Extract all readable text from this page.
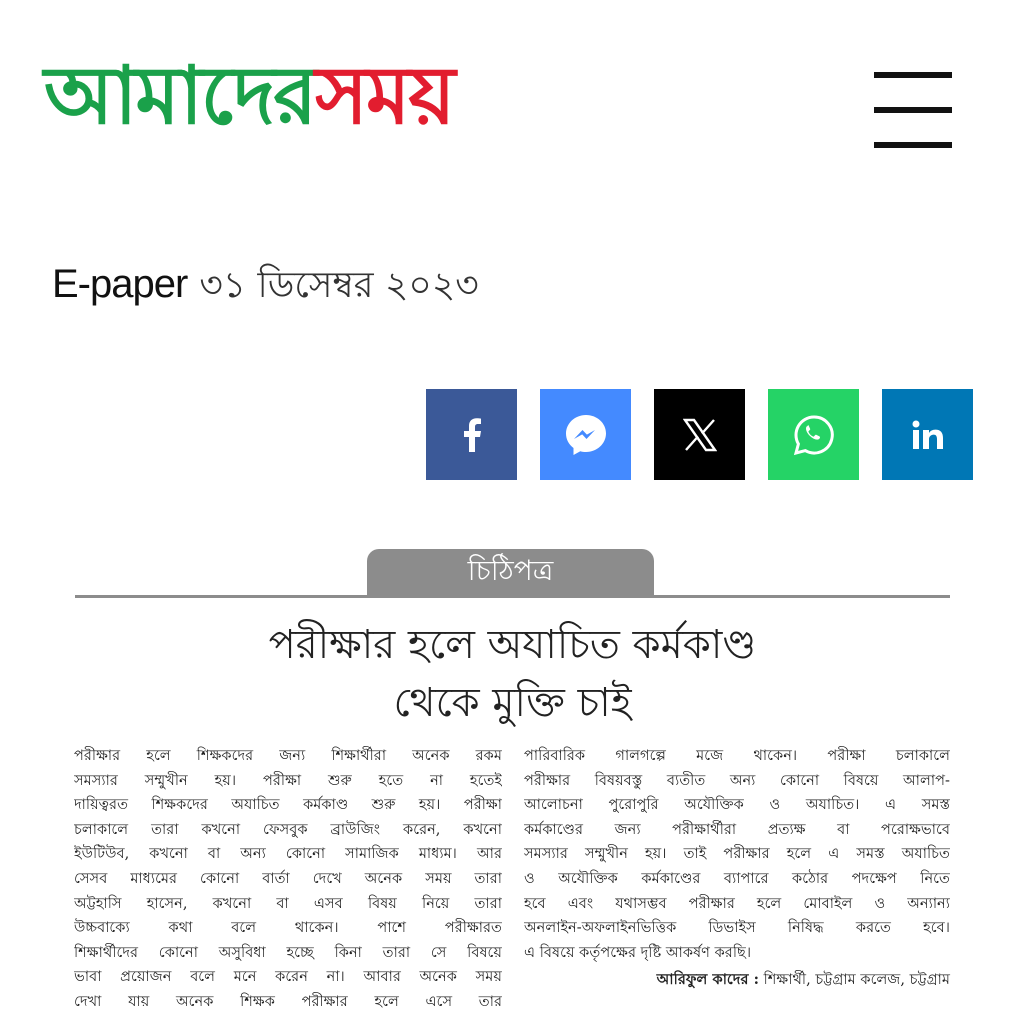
আমাদের সময়
E-paper ৩১ ডিসেম্বর ২০২৩
চিঠিপত্র
পরীক্ষার হলে অযাচিত কর্মকাণ্ড
থেকে মুক্তি চাই
পরীক্ষার হলে শিক্ষকদের জন্য শিক্ষার্থীরা অনেক রকম
সমস্যার সম্মুখীন হয়। পরীক্ষা শুরু হতে না হতেই
দায়িত্বরত শিক্ষকদের অযাচিত কর্মকাণ্ড শুরু হয়। পরীক্ষা
চলাকালে তারা কখনো ফেসবুক ব্রাউজিং করেন, কখনো
ইউটিউব, কখনো বা অন্য কোনো সামাজিক মাধ্যম। আর
সেসব মাধ্যমের কোনো বার্তা দেখে অনেক সময় তারা
অট্টহাসি হাসেন, কখনো বা এসব বিষয় নিয়ে তারা
উচ্চবাক্যে কথা বলে থাকেন। পাশে পরীক্ষারত
শিক্ষার্থীদের কোনো অসুবিধা হচ্ছে কিনা তারা সে বিষয়ে
ভাবা প্রয়োজন বলে মনে করেন না। আবার অনেক সময়
দেখা যায় অনেক শিক্ষক পরীক্ষার হলে এসে তার
পারিবারিক গালগল্পে মজে থাকেন। পরীক্ষা চলাকালে
পরীক্ষার বিষয়বস্তু ব্যতীত অন্য কোনো বিষয়ে আলাপ-
আলোচনা পুরোপুরি অযৌক্তিক ও অযাচিত। এ সমস্ত
কর্মকাণ্ডের জন্য পরীক্ষার্থীরা প্রত্যক্ষ বা পরোক্ষভাবে
সমস্যার সম্মুখীন হয়। তাই পরীক্ষার হলে এ সমস্ত অযাচিত
ও অযৌক্তিক কর্মকাণ্ডের ব্যাপারে কঠোর পদক্ষেপ নিতে
হবে এবং যথাসম্ভব পরীক্ষার হলে মোবাইল ও অন্যান্য
অনলাইন-অফলাইনভিত্তিক ডিভাইস নিষিদ্ধ করতে হবে।
এ বিষয়ে কর্তৃপক্ষের দৃষ্টি আকর্ষণ করছি।
আরিফুল কাদের : শিক্ষার্থী, চট্টগ্রাম কলেজ, চট্টগ্রাম
